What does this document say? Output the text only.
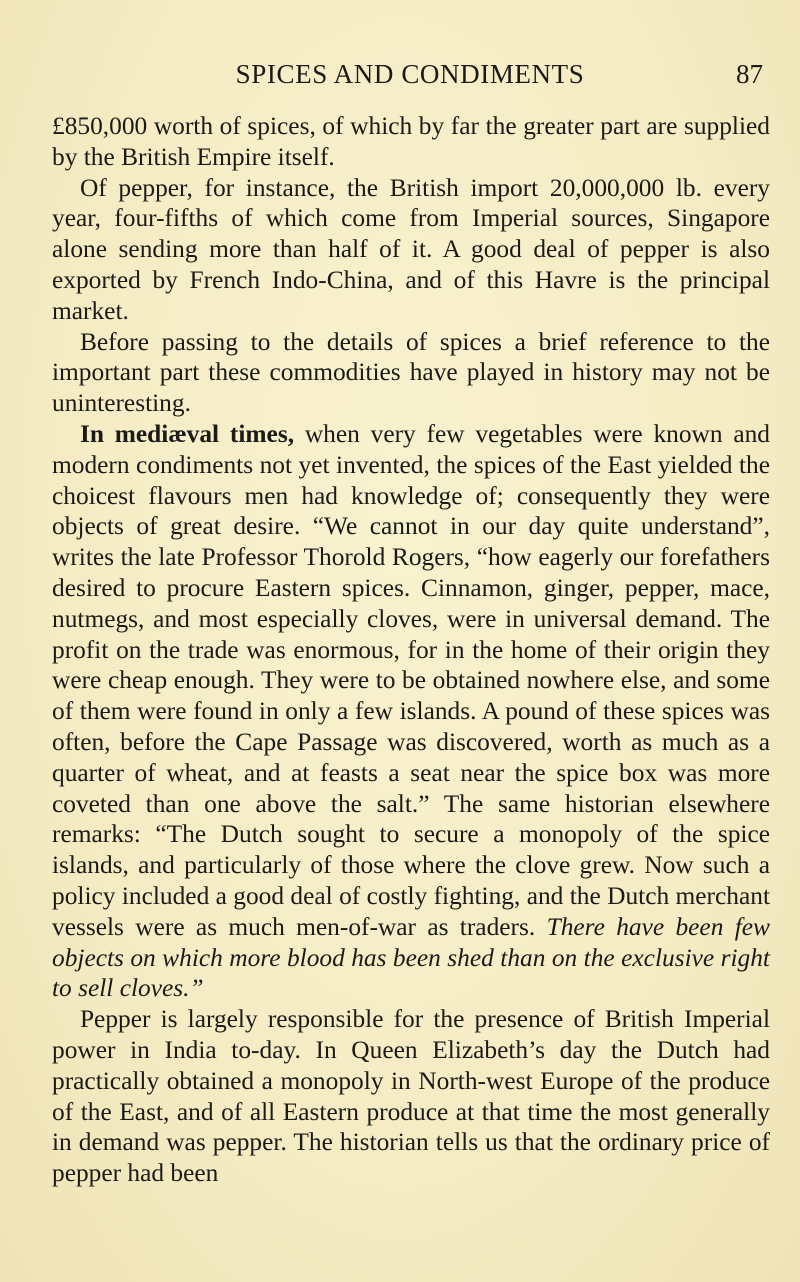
SPICES AND CONDIMENTS	87

£850,000 worth of spices, of which by far the greater part are supplied by the British Empire itself.

Of pepper, for instance, the British import 20,000,000 lb. every year, four-fifths of which come from Imperial sources, Singapore alone sending more than half of it. A good deal of pepper is also exported by French Indo-China, and of this Havre is the principal market.

Before passing to the details of spices a brief reference to the important part these commodities have played in history may not be uninteresting.

In mediæval times, when very few vegetables were known and modern condiments not yet invented, the spices of the East yielded the choicest flavours men had knowledge of; consequently they were objects of great desire. “We cannot in our day quite understand”, writes the late Professor Thorold Rogers, “how eagerly our forefathers desired to procure Eastern spices. Cinnamon, ginger, pepper, mace, nutmegs, and most especially cloves, were in universal demand. The profit on the trade was enormous, for in the home of their origin they were cheap enough. They were to be obtained nowhere else, and some of them were found in only a few islands. A pound of these spices was often, before the Cape Passage was discovered, worth as much as a quarter of wheat, and at feasts a seat near the spice box was more coveted than one above the salt.” The same historian elsewhere remarks: “The Dutch sought to secure a monopoly of the spice islands, and particularly of those where the clove grew. Now such a policy included a good deal of costly fighting, and the Dutch merchant vessels were as much men-of-war as traders. There have been few objects on which more blood has been shed than on the exclusive right to sell cloves.”

Pepper is largely responsible for the presence of British Imperial power in India to-day. In Queen Elizabeth’s day the Dutch had practically obtained a monopoly in North-west Europe of the produce of the East, and of all Eastern produce at that time the most generally in demand was pepper. The historian tells us that the ordinary price of pepper had been
